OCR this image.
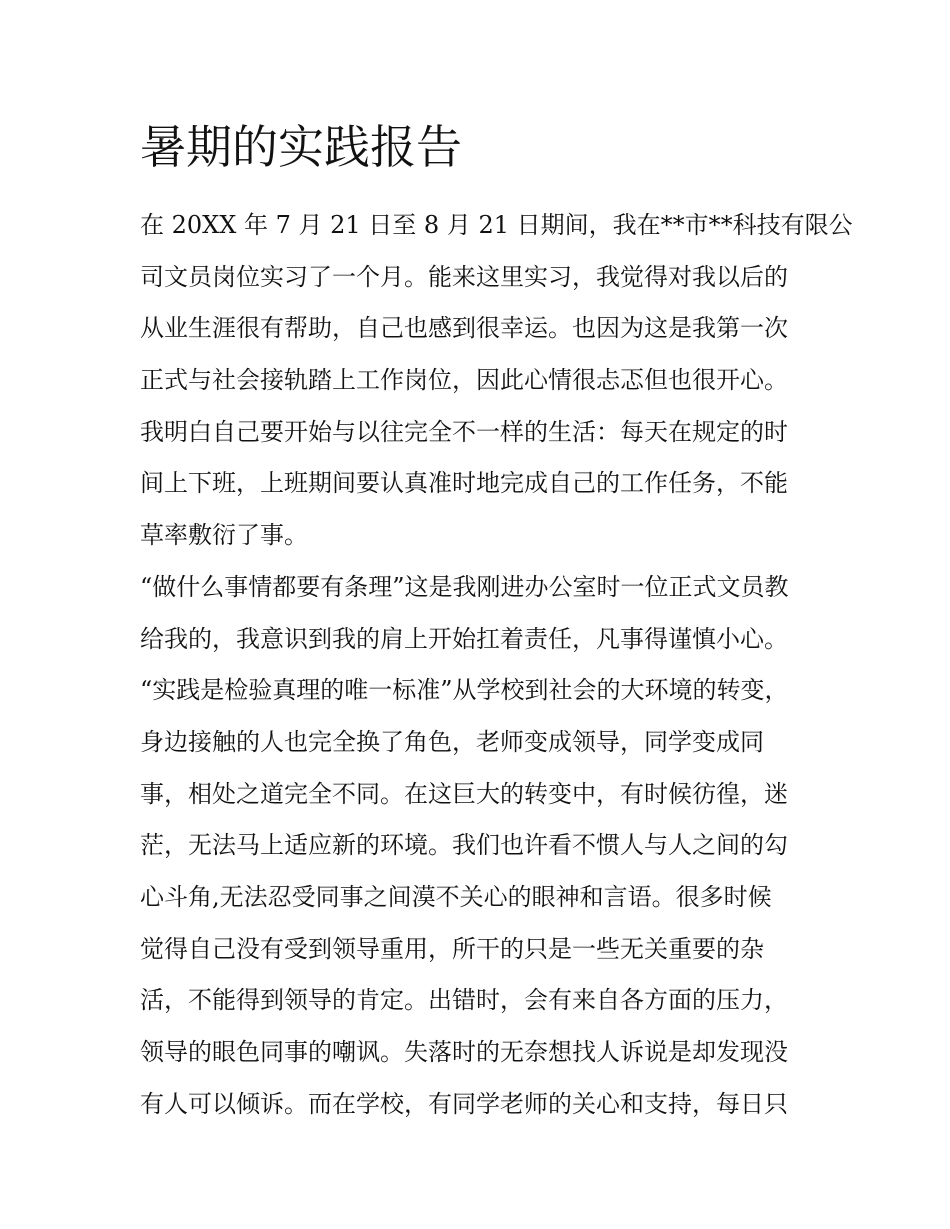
暑期的实践报告
在 20XX 年 7 月 21 日至 8 月 21 日期间，我在**市**科技有限公
司文员岗位实习了一个月。能来这里实习，我觉得对我以后的
从业生涯很有帮助，自己也感到很幸运。也因为这是我第一次
正式与社会接轨踏上工作岗位，因此心情很忐忑但也很开心。
我明白自己要开始与以往完全不一样的生活：每天在规定的时
间上下班，上班期间要认真准时地完成自己的工作任务，不能
草率敷衍了事。
“做什么事情都要有条理”这是我刚进办公室时一位正式文员教
给我的，我意识到我的肩上开始扛着责任，凡事得谨慎小心。
“实践是检验真理的唯一标准”从学校到社会的大环境的转变，
身边接触的人也完全换了角色，老师变成领导，同学变成同
事，相处之道完全不同。在这巨大的转变中，有时候彷徨，迷
茫，无法马上适应新的环境。我们也许看不惯人与人之间的勾
心斗角,无法忍受同事之间漠不关心的眼神和言语。很多时候
觉得自己没有受到领导重用，所干的只是一些无关重要的杂
活，不能得到领导的肯定。出错时，会有来自各方面的压力，
领导的眼色同事的嘲讽。失落时的无奈想找人诉说是却发现没
有人可以倾诉。而在学校，有同学老师的关心和支持，每日只
